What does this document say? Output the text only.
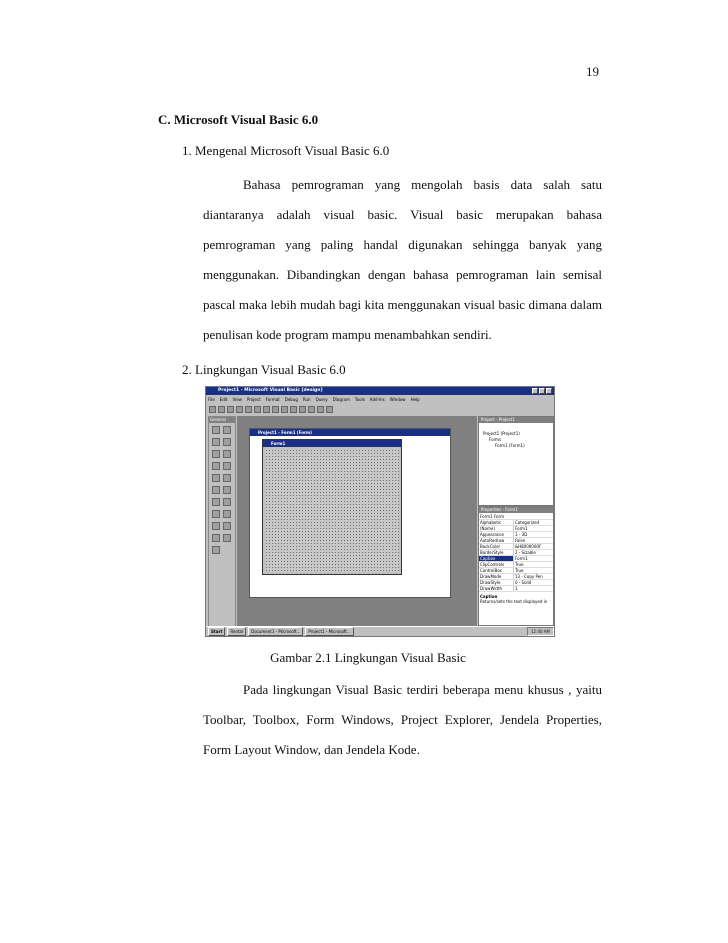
19
C. Microsoft Visual Basic 6.0
1. Mengenal Microsoft Visual Basic 6.0
Bahasa pemrograman yang mengolah basis data salah satu diantaranya adalah visual basic. Visual basic merupakan bahasa pemrograman yang paling handal digunakan sehingga banyak yang menggunakan. Dibandingkan dengan bahasa pemrograman lain semisal pascal maka lebih mudah bagi kita menggunakan visual basic dimana dalam penulisan kode program mampu menambahkan sendiri.
2. Lingkungan Visual Basic 6.0
Project1 - Microsoft Visual Basic [design]
File Edit View Project Format Debug Run Query Diagram Tools Add-Ins Window Help
General
Project1 - Form1 (Form)
Form1
Project - Project1
Project1 (Project1)
Forms
Form1 (Form1)
Properties - Form1
Form1 Form
Alphabetic	Categorized
(Name)	Form1
Appearance	1 - 3D
AutoRedraw	False
BackColor	&H8000000F
BorderStyle	2 - Sizable
Caption	Form1
ClipControls	True
ControlBox	True
DrawMode	13 - Copy Pen
DrawStyle	0 - Solid
DrawWidth	1
Caption
Returns/sets the text displayed in
Start	Rental	Document1 - Microsoft...	Project1 - Microsoft...	12:40 AM
Gambar 2.1 Lingkungan Visual Basic
Pada lingkungan Visual Basic terdiri beberapa menu khusus , yaitu Toolbar, Toolbox, Form Windows, Project Explorer, Jendela Properties, Form Layout Window, dan Jendela Kode.
